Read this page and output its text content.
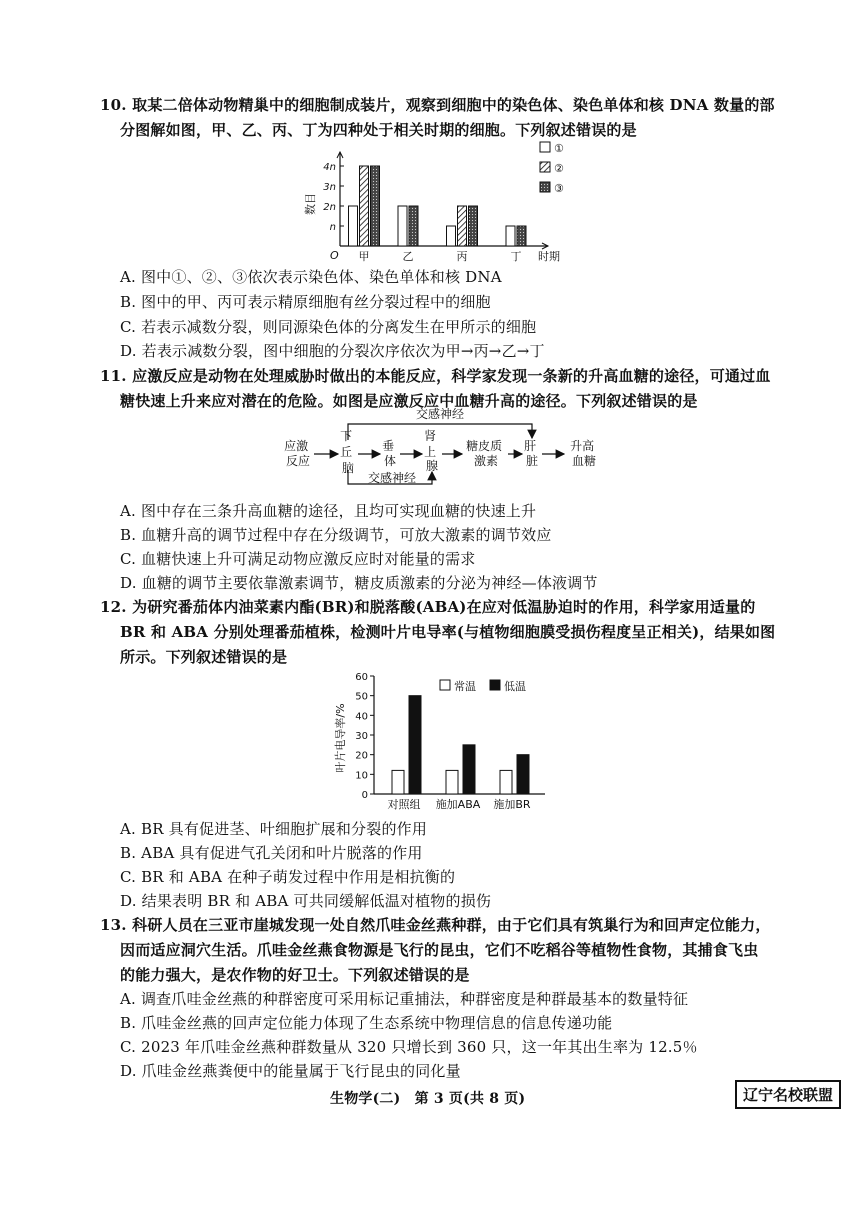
10. 取某二倍体动物精巢中的细胞制成装片，观察到细胞中的染色体、染色单体和核 DNA 数量的部
分图解如图，甲、乙、丙、丁为四种处于相关时期的细胞。下列叙述错误的是
O
n
2n
3n
4n
数目
时期
甲	乙	丙	丁
①
②
③
A. 图中①、②、③依次表示染色体、染色单体和核 DNA
B. 图中的甲、丙可表示精原细胞有丝分裂过程中的细胞
C. 若表示减数分裂，则同源染色体的分离发生在甲所示的细胞
D. 若表示减数分裂，图中细胞的分裂次序依次为甲→丙→乙→丁
11. 应激反应是动物在处理威胁时做出的本能反应，科学家发现一条新的升高血糖的途径，可通过血
糖快速上升来应对潜在的危险。如图是应激反应中血糖升高的途径。下列叙述错误的是
交感神经
交感神经
应激 反应
下 丘 脑
垂 体
肾 上 腺
糖皮质 激素
肝 脏
升高 血糖
A. 图中存在三条升高血糖的途径，且均可实现血糖的快速上升
B. 血糖升高的调节过程中存在分级调节，可放大激素的调节效应
C. 血糖快速上升可满足动物应激反应时对能量的需求
D. 血糖的调节主要依靠激素调节，糖皮质激素的分泌为神经—体液调节
12. 为研究番茄体内油菜素内酯(BR)和脱落酸(ABA)在应对低温胁迫时的作用，科学家用适量的
BR 和 ABA 分别处理番茄植株，检测叶片电导率(与植物细胞膜受损伤程度呈正相关)，结果如图
所示。下列叙述错误的是
0
10
20
30
40
50
60
叶片电导率/%
对照组 施加ABA 施加BR
常温	低温
A. BR 具有促进茎、叶细胞扩展和分裂的作用
B. ABA 具有促进气孔关闭和叶片脱落的作用
C. BR 和 ABA 在种子萌发过程中作用是相抗衡的
D. 结果表明 BR 和 ABA 可共同缓解低温对植物的损伤
13. 科研人员在三亚市崖城发现一处自然爪哇金丝燕种群，由于它们具有筑巢行为和回声定位能力，
因而适应洞穴生活。爪哇金丝燕食物源是飞行的昆虫，它们不吃稻谷等植物性食物，其捕食飞虫
的能力强大，是农作物的好卫士。下列叙述错误的是
A. 调查爪哇金丝燕的种群密度可采用标记重捕法，种群密度是种群最基本的数量特征
B. 爪哇金丝燕的回声定位能力体现了生态系统中物理信息的信息传递功能
C. 2023 年爪哇金丝燕种群数量从 320 只增长到 360 只，这一年其出生率为 12.5％
D. 爪哇金丝燕粪便中的能量属于飞行昆虫的同化量
生物学(二)　第 3 页(共 8 页)	辽宁名校联盟
